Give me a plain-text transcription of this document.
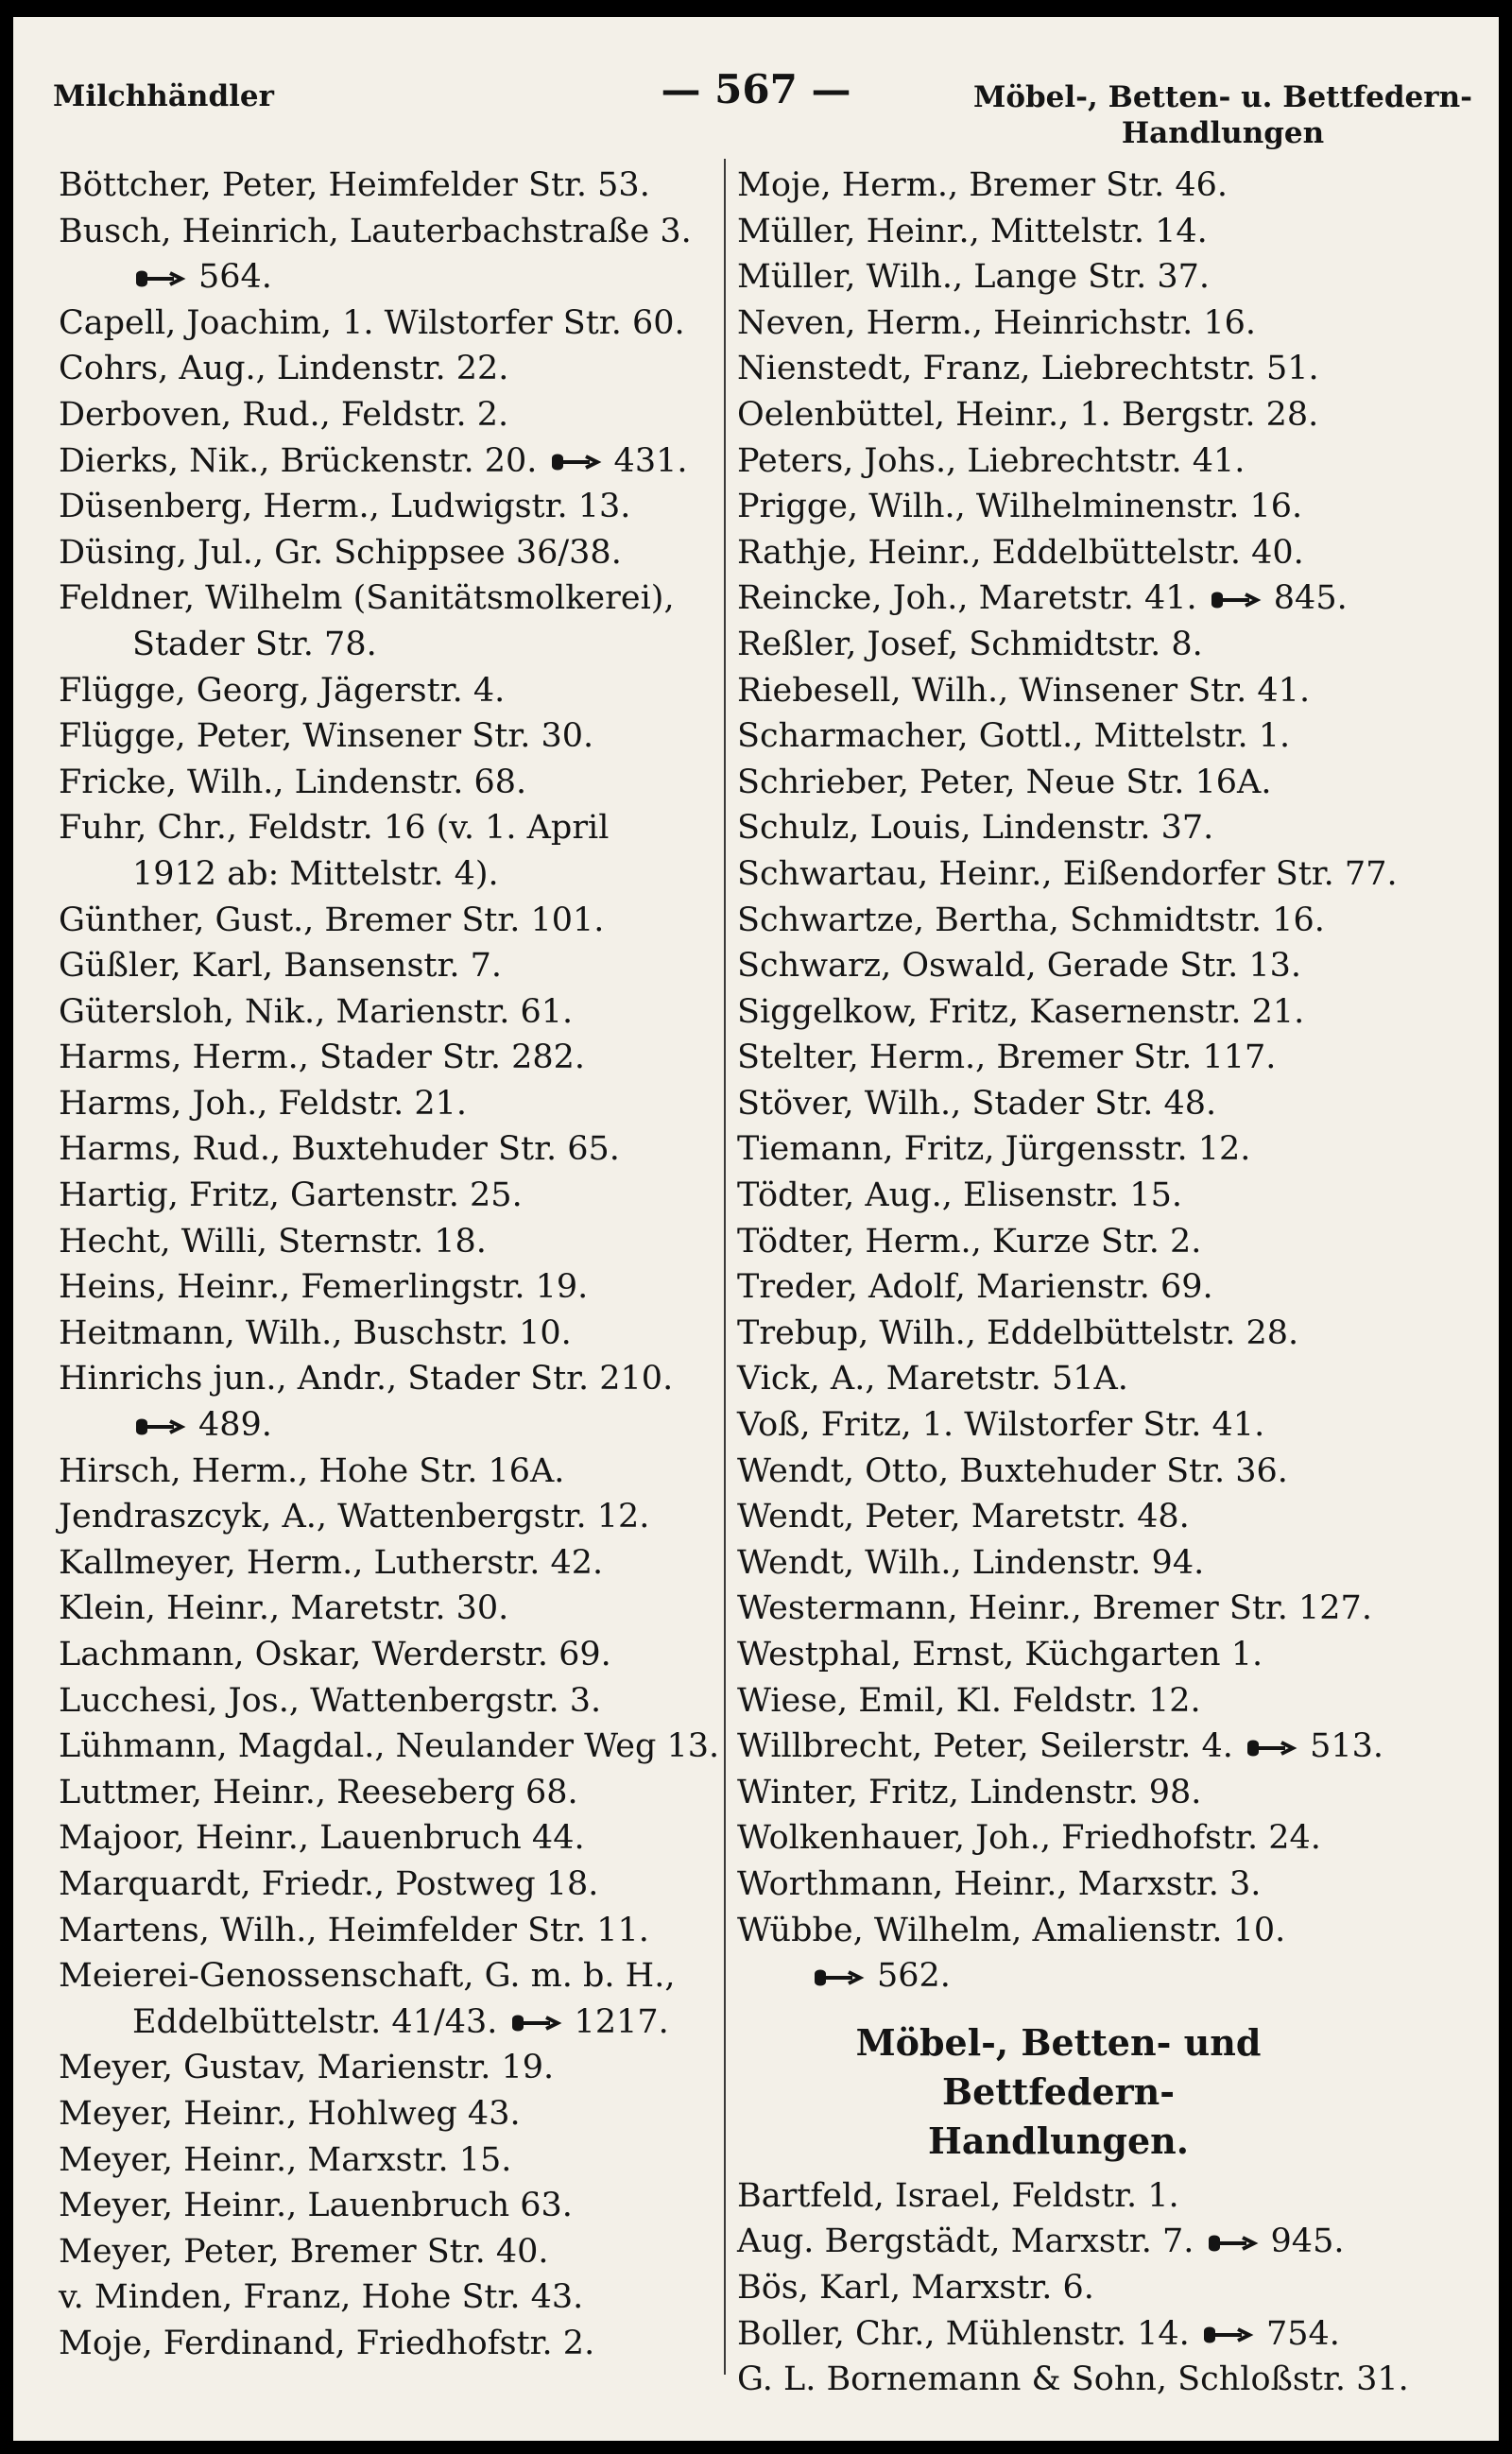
Milchhändler	— 567 —	Möbel-, Betten- u. Bettfedern-
Handlungen
Böttcher, Peter, Heimfelder Str. 53.
Busch, Heinrich, Lauterbachstraße 3.
564.
Capell, Joachim, 1. Wilstorfer Str. 60.
Cohrs, Aug., Lindenstr. 22.
Derboven, Rud., Feldstr. 2.
Dierks, Nik., Brückenstr. 20. 431.
Düsenberg, Herm., Ludwigstr. 13.
Düsing, Jul., Gr. Schippsee 36/38.
Feldner, Wilhelm (Sanitätsmolkerei),
Stader Str. 78.
Flügge, Georg, Jägerstr. 4.
Flügge, Peter, Winsener Str. 30.
Fricke, Wilh., Lindenstr. 68.
Fuhr, Chr., Feldstr. 16 (v. 1. April
1912 ab: Mittelstr. 4).
Günther, Gust., Bremer Str. 101.
Güßler, Karl, Bansenstr. 7.
Gütersloh, Nik., Marienstr. 61.
Harms, Herm., Stader Str. 282.
Harms, Joh., Feldstr. 21.
Harms, Rud., Buxtehuder Str. 65.
Hartig, Fritz, Gartenstr. 25.
Hecht, Willi, Sternstr. 18.
Heins, Heinr., Femerlingstr. 19.
Heitmann, Wilh., Buschstr. 10.
Hinrichs jun., Andr., Stader Str. 210.
489.
Hirsch, Herm., Hohe Str. 16A.
Jendraszcyk, A., Wattenbergstr. 12.
Kallmeyer, Herm., Lutherstr. 42.
Klein, Heinr., Maretstr. 30.
Lachmann, Oskar, Werderstr. 69.
Lucchesi, Jos., Wattenbergstr. 3.
Lühmann, Magdal., Neulander Weg 13.
Luttmer, Heinr., Reeseberg 68.
Majoor, Heinr., Lauenbruch 44.
Marquardt, Friedr., Postweg 18.
Martens, Wilh., Heimfelder Str. 11.
Meierei-Genossenschaft, G. m. b. H.,
Eddelbüttelstr. 41/43. 1217.
Meyer, Gustav, Marienstr. 19.
Meyer, Heinr., Hohlweg 43.
Meyer, Heinr., Marxstr. 15.
Meyer, Heinr., Lauenbruch 63.
Meyer, Peter, Bremer Str. 40.
v. Minden, Franz, Hohe Str. 43.
Moje, Ferdinand, Friedhofstr. 2.
Moje, Herm., Bremer Str. 46.
Müller, Heinr., Mittelstr. 14.
Müller, Wilh., Lange Str. 37.
Neven, Herm., Heinrichstr. 16.
Nienstedt, Franz, Liebrechtstr. 51.
Oelenbüttel, Heinr., 1. Bergstr. 28.
Peters, Johs., Liebrechtstr. 41.
Prigge, Wilh., Wilhelminenstr. 16.
Rathje, Heinr., Eddelbüttelstr. 40.
Reincke, Joh., Maretstr. 41. 845.
Reßler, Josef, Schmidtstr. 8.
Riebesell, Wilh., Winsener Str. 41.
Scharmacher, Gottl., Mittelstr. 1.
Schrieber, Peter, Neue Str. 16A.
Schulz, Louis, Lindenstr. 37.
Schwartau, Heinr., Eißendorfer Str. 77.
Schwartze, Bertha, Schmidtstr. 16.
Schwarz, Oswald, Gerade Str. 13.
Siggelkow, Fritz, Kasernenstr. 21.
Stelter, Herm., Bremer Str. 117.
Stöver, Wilh., Stader Str. 48.
Tiemann, Fritz, Jürgensstr. 12.
Tödter, Aug., Elisenstr. 15.
Tödter, Herm., Kurze Str. 2.
Treder, Adolf, Marienstr. 69.
Trebup, Wilh., Eddelbüttelstr. 28.
Vick, A., Maretstr. 51A.
Voß, Fritz, 1. Wilstorfer Str. 41.
Wendt, Otto, Buxtehuder Str. 36.
Wendt, Peter, Maretstr. 48.
Wendt, Wilh., Lindenstr. 94.
Westermann, Heinr., Bremer Str. 127.
Westphal, Ernst, Küchgarten 1.
Wiese, Emil, Kl. Feldstr. 12.
Willbrecht, Peter, Seilerstr. 4. 513.
Winter, Fritz, Lindenstr. 98.
Wolkenhauer, Joh., Friedhofstr. 24.
Worthmann, Heinr., Marxstr. 3.
Wübbe, Wilhelm, Amalienstr. 10.
562.
Möbel-, Betten- und Bettfedern-
Handlungen.
Bartfeld, Israel, Feldstr. 1.
Aug. Bergstädt, Marxstr. 7. 945.
Bös, Karl, Marxstr. 6.
Boller, Chr., Mühlenstr. 14. 754.
G. L. Bornemann & Sohn, Schloßstr. 31.
